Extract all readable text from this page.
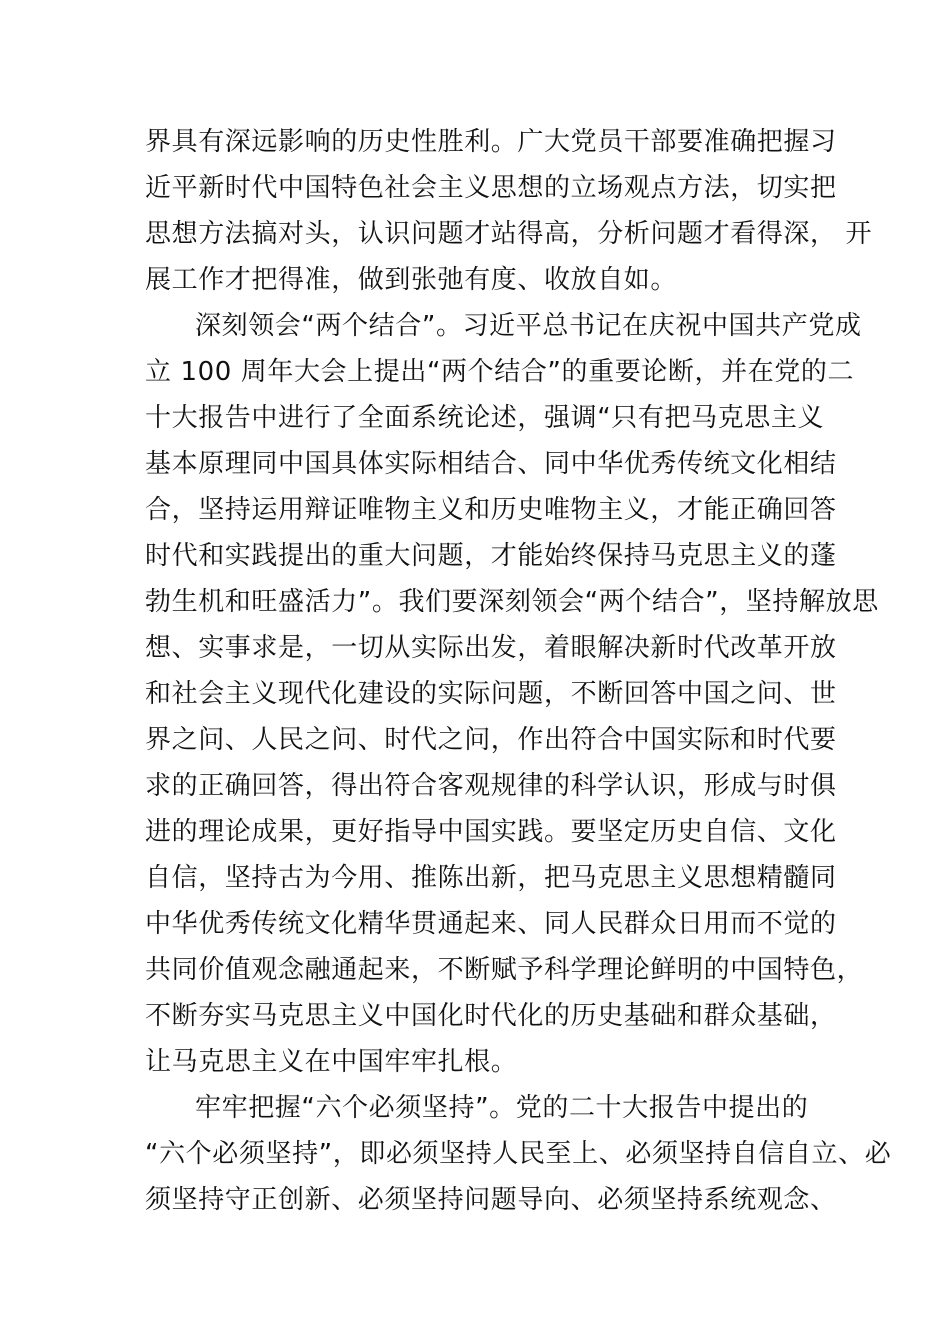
界具有深远影响的历史性胜利。广大党员干部要准确把握习
近平新时代中国特色社会主义思想的立场观点方法，切实把
思想方法搞对头，认识问题才站得高，分析问题才看得深， 开
展工作才把得准，做到张弛有度、收放自如。
深刻领会“两个结合”。习近平总书记在庆祝中国共产党成
立 100 周年大会上提出“两个结合”的重要论断，并在党的二
十大报告中进行了全面系统论述，强调“只有把马克思主义
基本原理同中国具体实际相结合、同中华优秀传统文化相结
合，坚持运用辩证唯物主义和历史唯物主义，才能正确回答
时代和实践提出的重大问题，才能始终保持马克思主义的蓬
勃生机和旺盛活力”。我们要深刻领会“两个结合”，坚持解放思
想、实事求是，一切从实际出发，着眼解决新时代改革开放
和社会主义现代化建设的实际问题，不断回答中国之问、世
界之问、人民之问、时代之问，作出符合中国实际和时代要
求的正确回答，得出符合客观规律的科学认识，形成与时俱
进的理论成果，更好指导中国实践。要坚定历史自信、文化
自信，坚持古为今用、推陈出新，把马克思主义思想精髓同
中华优秀传统文化精华贯通起来、同人民群众日用而不觉的
共同价值观念融通起来，不断赋予科学理论鲜明的中国特色，
不断夯实马克思主义中国化时代化的历史基础和群众基础，
让马克思主义在中国牢牢扎根。
牢牢把握“六个必须坚持”。党的二十大报告中提出的
“六个必须坚持”，即必须坚持人民至上、必须坚持自信自立、必
须坚持守正创新、必须坚持问题导向、必须坚持系统观念、
